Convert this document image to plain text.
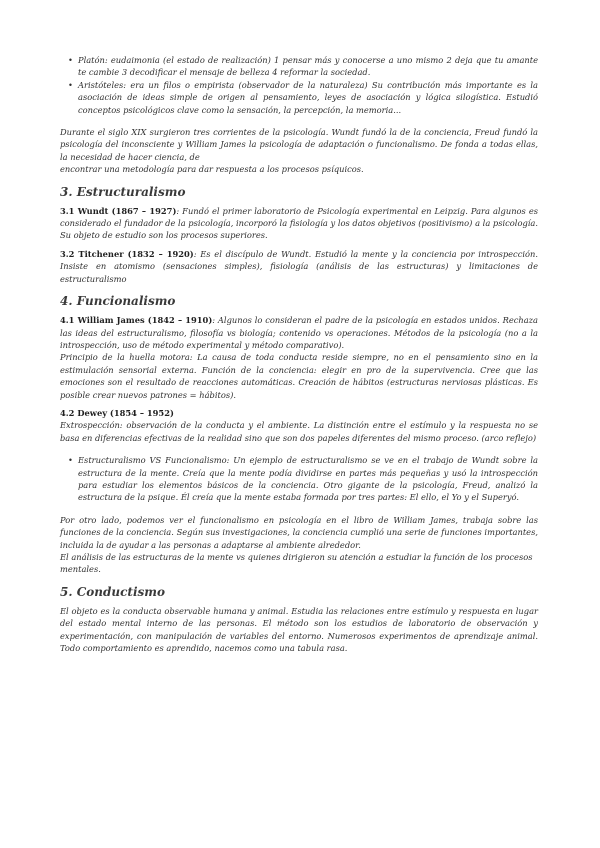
• Platón: eudaimonia (el estado de realización) 1 pensar más y conocerse a uno mismo 2 deja que tu amante te cambie 3 decodificar el mensaje de belleza 4 reformar la sociedad.
• Aristóteles: era un filos o empirista (observador de la naturaleza) Su contribución más importante es la asociación de ideas simple de origen al pensamiento, leyes de asociación y lógica silogística. Estudió conceptos psicológicos clave como la sensación, la percepción, la memoria...

Durante el siglo XIX surgieron tres corrientes de la psicología. Wundt fundó la de la conciencia, Freud fundó la psicología del inconsciente y William James la psicología de adaptación o funcionalismo. De fonda a todas ellas, la necesidad de hacer ciencia, de

encontrar una metodología para dar respuesta a los procesos psíquicos.

3. Estructuralismo

3.1 Wundt (1867 – 1927): Fundó el primer laboratorio de Psicología experimental en Leipzig. Para algunos es considerado el fundador de la psicología, incorporó la fisiología y los datos objetivos (positivismo) a la psicología. Su objeto de estudio son los procesos superiores.

3.2 Titchener (1832 – 1920): Es el discípulo de Wundt. Estudió la mente y la conciencia por introspección. Insiste en atomismo (sensaciones simples), fisiología (análisis de las estructuras) y limitaciones de estructuralismo

4. Funcionalismo

4.1 William James (1842 – 1910): Algunos lo consideran el padre de la psicología en estados unidos. Rechaza las ideas del estructuralismo, filosofía vs biología; contenido vs operaciones. Métodos de la psicología (no a la introspección, uso de método experimental y método comparativo).

Principio de la huella motora: La causa de toda conducta reside siempre, no en el pensamiento sino en la estimulación sensorial externa. Función de la conciencia: elegir en pro de la supervivencia. Cree que las emociones son el resultado de reacciones automáticas. Creación de hábitos (estructuras nerviosas plásticas. Es posible crear nuevos patrones = hábitos).

4.2 Dewey (1854 – 1952)

Extrospección: observación de la conducta y el ambiente. La distinción entre el estímulo y la respuesta no se basa en diferencias efectivas de la realidad sino que son dos papeles diferentes del mismo proceso. (arco reflejo)

• Estructuralismo VS Funcionalismo: Un ejemplo de estructuralismo se ve en el trabajo de Wundt sobre la estructura de la mente. Creía que la mente podía dividirse en partes más pequeñas y usó la introspección para estudiar los elementos básicos de la conciencia. Otro gigante de la psicología, Freud, analizó la estructura de la psique. Él creía que la mente estaba formada por tres partes: El ello, el Yo y el Superyó.

Por otro lado, podemos ver el funcionalismo en psicología en el libro de William James, trabaja sobre las funciones de la conciencia. Según sus investigaciones, la conciencia cumplió una serie de funciones importantes, incluida la de ayudar a las personas a adaptarse al ambiente alrededor.

El análisis de las estructuras de la mente vs quienes dirigieron su atención a estudiar la función de los procesos mentales.

5. Conductismo

El objeto es la conducta observable humana y animal. Estudia las relaciones entre estímulo y respuesta en lugar del estado mental interno de las personas. El método son los estudios de laboratorio de observación y experimentación, con manipulación de variables del entorno. Numerosos experimentos de aprendizaje animal. Todo comportamiento es aprendido, nacemos como una tabula rasa.
